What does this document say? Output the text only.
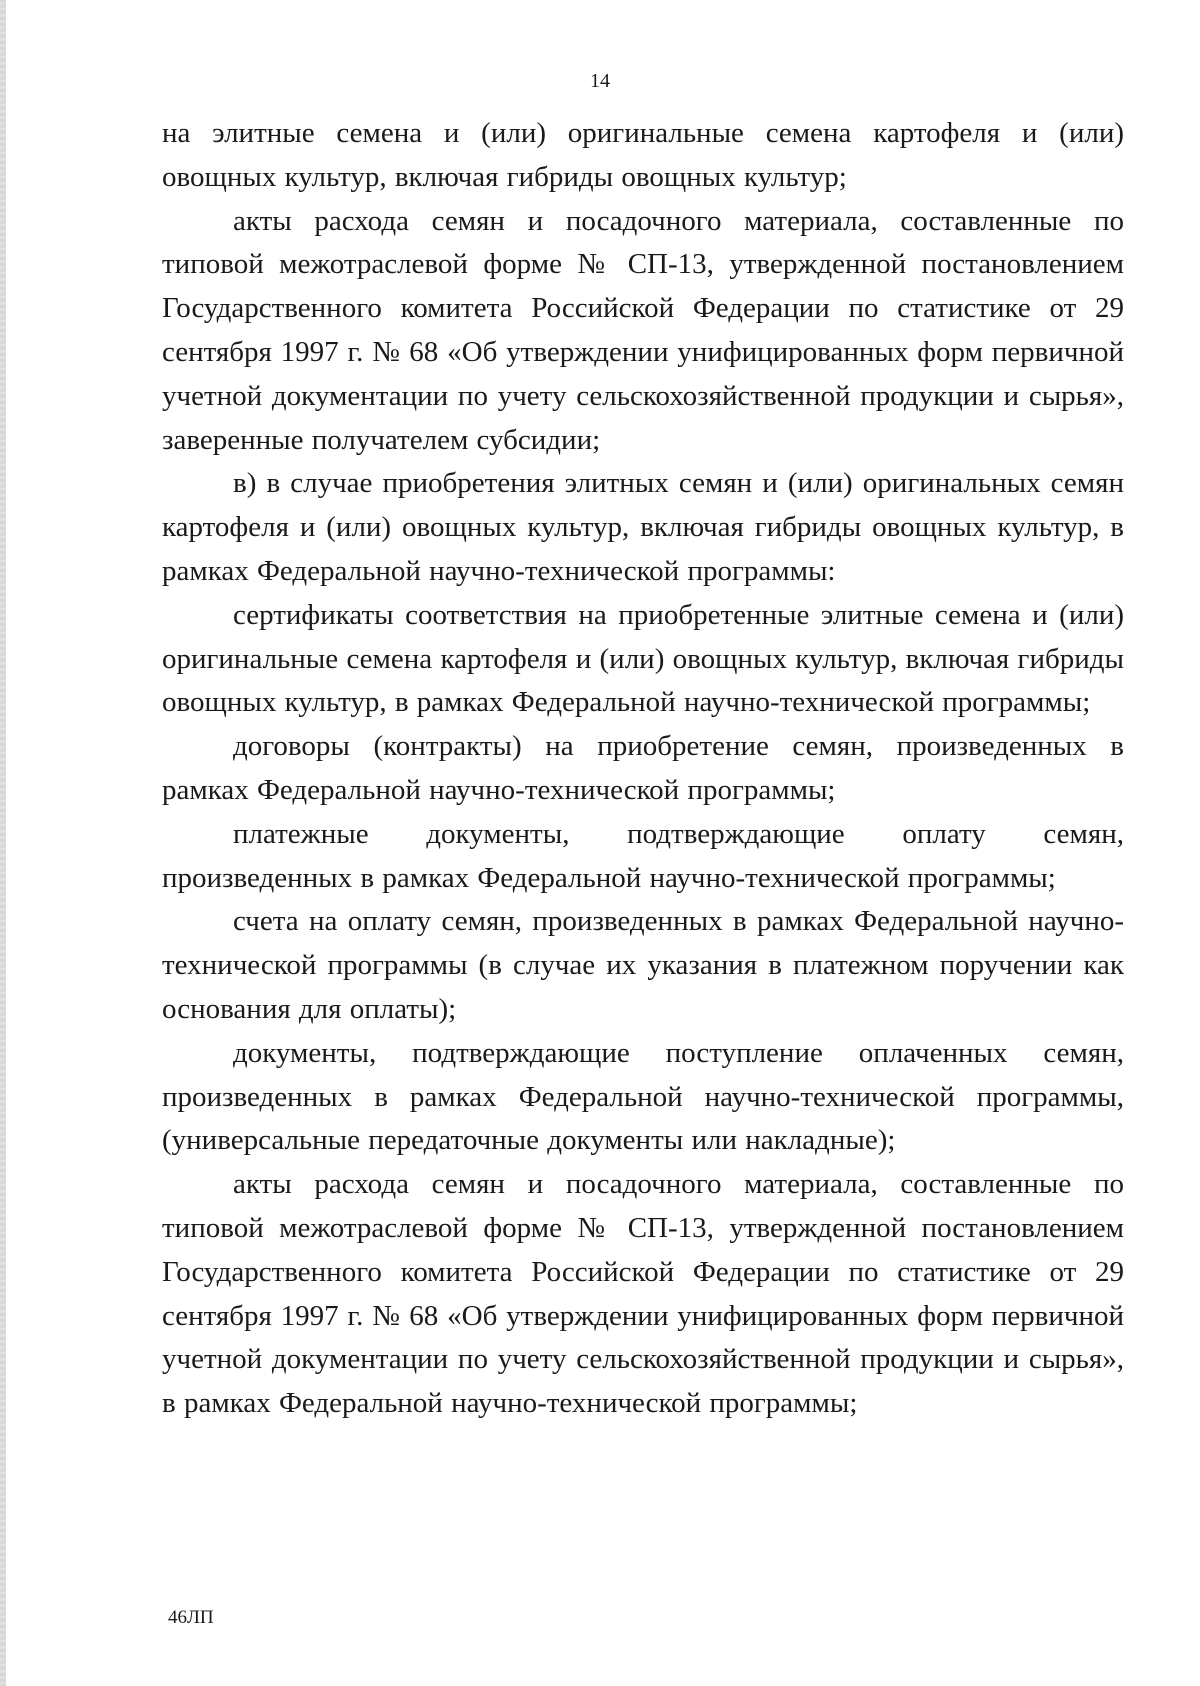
14

на элитные семена и (или) оригинальные семена картофеля и (или) овощных культур, включая гибриды овощных культур;

акты расхода семян и посадочного материала, составленные по типовой межотраслевой форме № СП-13, утвержденной постановлением Государственного комитета Российской Федерации по статистике от 29 сентября 1997 г. № 68 «Об утверждении унифицированных форм первичной учетной документации по учету сельскохозяйственной продукции и сырья», заверенные получателем субсидии;

в) в случае приобретения элитных семян и (или) оригинальных семян картофеля и (или) овощных культур, включая гибриды овощных культур, в рамках Федеральной научно-технической программы:

сертификаты соответствия на приобретенные элитные семена и (или) оригинальные семена картофеля и (или) овощных культур, включая гибриды овощных культур, в рамках Федеральной научно-технической программы;

договоры (контракты) на приобретение семян, произведенных в рамках Федеральной научно-технической программы;

платежные документы, подтверждающие оплату семян, произведенных в рамках Федеральной научно-технической программы;

счета на оплату семян, произведенных в рамках Федеральной научно-технической программы (в случае их указания в платежном поручении как основания для оплаты);

документы, подтверждающие поступление оплаченных семян, произведенных в рамках Федеральной научно-технической программы, (универсальные передаточные документы или накладные);

акты расхода семян и посадочного материала, составленные по типовой межотраслевой форме № СП-13, утвержденной постановлением Государственного комитета Российской Федерации по статистике от 29 сентября 1997 г. № 68 «Об утверждении унифицированных форм первичной учетной документации по учету сельскохозяйственной продукции и сырья», в рамках Федеральной научно-технической программы;

46ЛП
